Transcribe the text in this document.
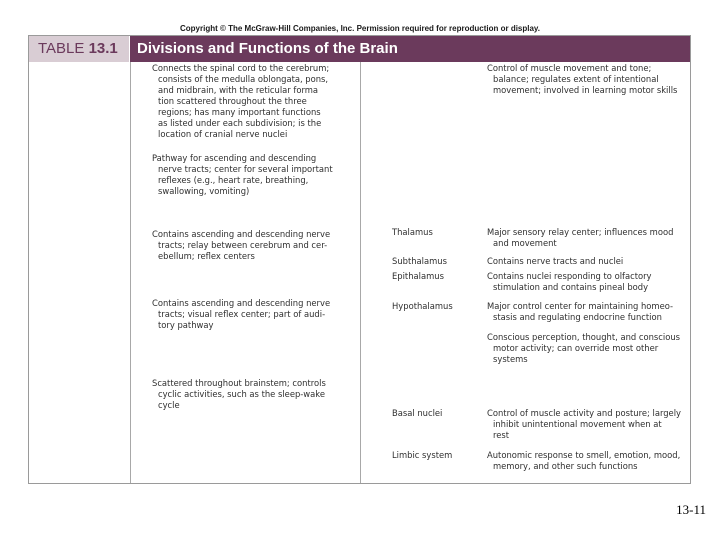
Copyright © The McGraw-Hill Companies, Inc. Permission required for reproduction or display.
TABLE 13.1	Divisions and Functions of the Brain
Connects the spinal cord to the cerebrum;
consists of the medulla oblongata, pons,
and midbrain, with the reticular forma
tion scattered throughout the three
regions; has many important functions
as listed under each subdivision; is the
location of cranial nerve nuclei
Pathway for ascending and descending
nerve tracts; center for several important
reflexes (e.g., heart rate, breathing,
swallowing, vomiting)
Contains ascending and descending nerve
tracts; relay between cerebrum and cer-
ebellum; reflex centers
Contains ascending and descending nerve
tracts; visual reflex center; part of audi-
tory pathway
Scattered throughout brainstem; controls
cyclic activities, such as the sleep-wake
cycle
Thalamus
Subthalamus
Epithalamus
Hypothalamus
Basal nuclei
Limbic system
Control of muscle movement and tone;
balance; regulates extent of intentional
movement; involved in learning motor skills
Major sensory relay center; influences mood
and movement
Contains nerve tracts and nuclei
Contains nuclei responding to olfactory
stimulation and contains pineal body
Major control center for maintaining homeo-
stasis and regulating endocrine function
Conscious perception, thought, and conscious
motor activity; can override most other
systems
Control of muscle activity and posture; largely
inhibit unintentional movement when at
rest
Autonomic response to smell, emotion, mood,
memory, and other such functions
13-11
